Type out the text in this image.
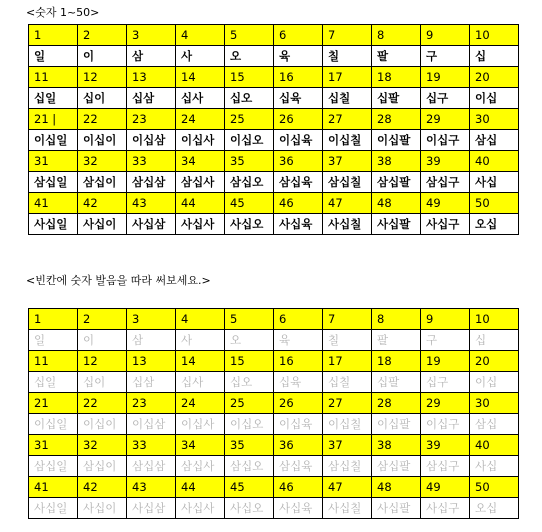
<숫자 1~50>
1	2	3	4	5	6	7	8	9	10
일	이	삼	사	오	육	칠	팔	구	십
11	12	13	14	15	16	17	18	19	20
십일	십이	십삼	십사	십오	십육	십칠	십팔	십구	이십
21 |	22	23	24	25	26	27	28	29	30
이십일	이십이	이십삼	이십사	이십오	이십육	이십칠	이십팔	이십구	삼십
31	32	33	34	35	36	37	38	39	40
삼십일	삼십이	삼십삼	삼십사	삼십오	삼십육	삼십칠	삼십팔	삼십구	사십
41	42	43	44	45	46	47	48	49	50
사십일	사십이	사십삼	사십사	사십오	사십육	사십칠	사십팔	사십구	오십
<빈칸에 숫자 발음을 따라 써보세요.>
1	2	3	4	5	6	7	8	9	10
일	이	삼	사	오	육	칠	팔	구	십
11	12	13	14	15	16	17	18	19	20
십일	십이	십삼	십사	십오	십육	십칠	십팔	십구	이십
21	22	23	24	25	26	27	28	29	30
이십일	이십이	이십삼	이십사	이십오	이십육	이십칠	이십팔	이십구	삼십
31	32	33	34	35	36	37	38	39	40
삼십일	삼십이	삼십삼	삼십사	삼십오	삼십육	삼십칠	삼십팔	삼십구	사십
41	42	43	44	45	46	47	48	49	50
사십일	사십이	사십삼	사십사	사십오	사십육	사십칠	사십팔	사십구	오십
